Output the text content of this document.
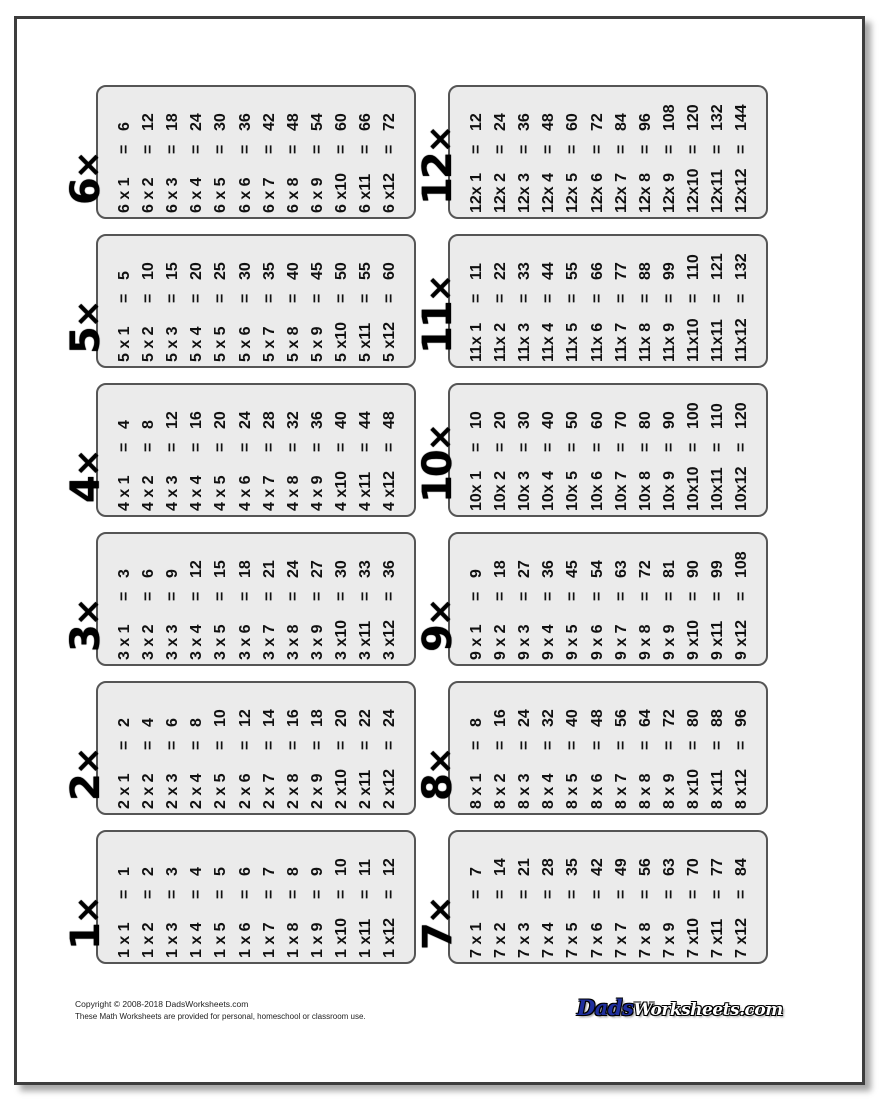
6×
6 x 1=6
6 x 2=12
6 x 3=18
6 x 4=24
6 x 5=30
6 x 6=36
6 x 7=42
6 x 8=48
6 x 9=54
6 x10=60
6 x11=66
6 x12=72
12×
12x 1=12
12x 2=24
12x 3=36
12x 4=48
12x 5=60
12x 6=72
12x 7=84
12x 8=96
12x 9=108
12x10=120
12x11=132
12x12=144
5×
5 x 1=5
5 x 2=10
5 x 3=15
5 x 4=20
5 x 5=25
5 x 6=30
5 x 7=35
5 x 8=40
5 x 9=45
5 x10=50
5 x11=55
5 x12=60
11×
11x 1=11
11x 2=22
11x 3=33
11x 4=44
11x 5=55
11x 6=66
11x 7=77
11x 8=88
11x 9=99
11x10=110
11x11=121
11x12=132
4×
4 x 1=4
4 x 2=8
4 x 3=12
4 x 4=16
4 x 5=20
4 x 6=24
4 x 7=28
4 x 8=32
4 x 9=36
4 x10=40
4 x11=44
4 x12=48
10×
10x 1=10
10x 2=20
10x 3=30
10x 4=40
10x 5=50
10x 6=60
10x 7=70
10x 8=80
10x 9=90
10x10=100
10x11=110
10x12=120
3×
3 x 1=3
3 x 2=6
3 x 3=9
3 x 4=12
3 x 5=15
3 x 6=18
3 x 7=21
3 x 8=24
3 x 9=27
3 x10=30
3 x11=33
3 x12=36
9×
9 x 1=9
9 x 2=18
9 x 3=27
9 x 4=36
9 x 5=45
9 x 6=54
9 x 7=63
9 x 8=72
9 x 9=81
9 x10=90
9 x11=99
9 x12=108
2×
2 x 1=2
2 x 2=4
2 x 3=6
2 x 4=8
2 x 5=10
2 x 6=12
2 x 7=14
2 x 8=16
2 x 9=18
2 x10=20
2 x11=22
2 x12=24
8×
8 x 1=8
8 x 2=16
8 x 3=24
8 x 4=32
8 x 5=40
8 x 6=48
8 x 7=56
8 x 8=64
8 x 9=72
8 x10=80
8 x11=88
8 x12=96
1×
1 x 1=1
1 x 2=2
1 x 3=3
1 x 4=4
1 x 5=5
1 x 6=6
1 x 7=7
1 x 8=8
1 x 9=9
1 x10=10
1 x11=11
1 x12=12
7×
7 x 1=7
7 x 2=14
7 x 3=21
7 x 4=28
7 x 5=35
7 x 6=42
7 x 7=49
7 x 8=56
7 x 9=63
7 x10=70
7 x11=77
7 x12=84
Copyright © 2008-2018 DadsWorksheets.com
These Math Worksheets are provided for personal, homeschool or classroom use.	DadsWorksheets.com
